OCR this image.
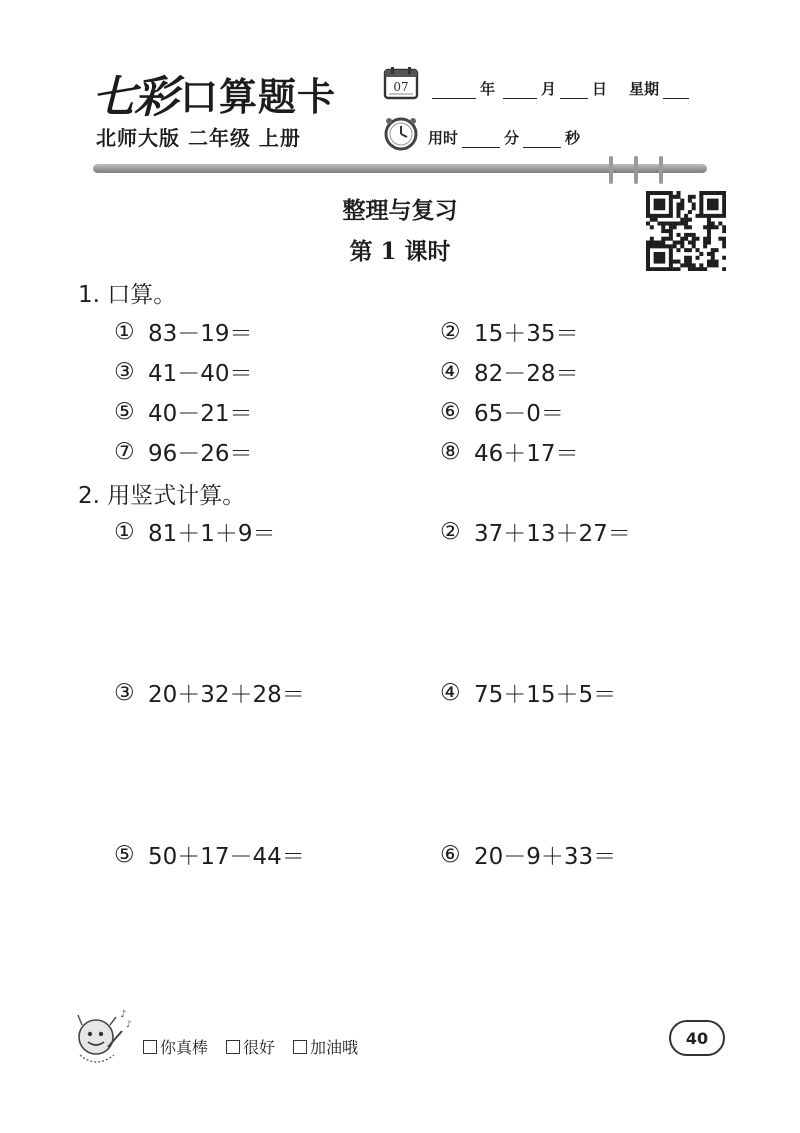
七彩 口算题卡
北师大版 二年级 上册
07	年	月 日 星期
用时	分	秒
整理与复习
第 1 课时
1. 口算。
① 83－19＝	② 15＋35＝
③ 41－40＝	④ 82－28＝
⑤ 40－21＝	⑥ 65－0＝
⑦ 96－26＝	⑧ 46＋17＝
2. 用竖式计算。
① 81＋1＋9＝	② 37＋13＋27＝
③ 20＋32＋28＝	④ 75＋15＋5＝
⑤ 50＋17－44＝	⑥ 20－9＋33＝
♪
♪
你真棒	很好	加油哦	40
